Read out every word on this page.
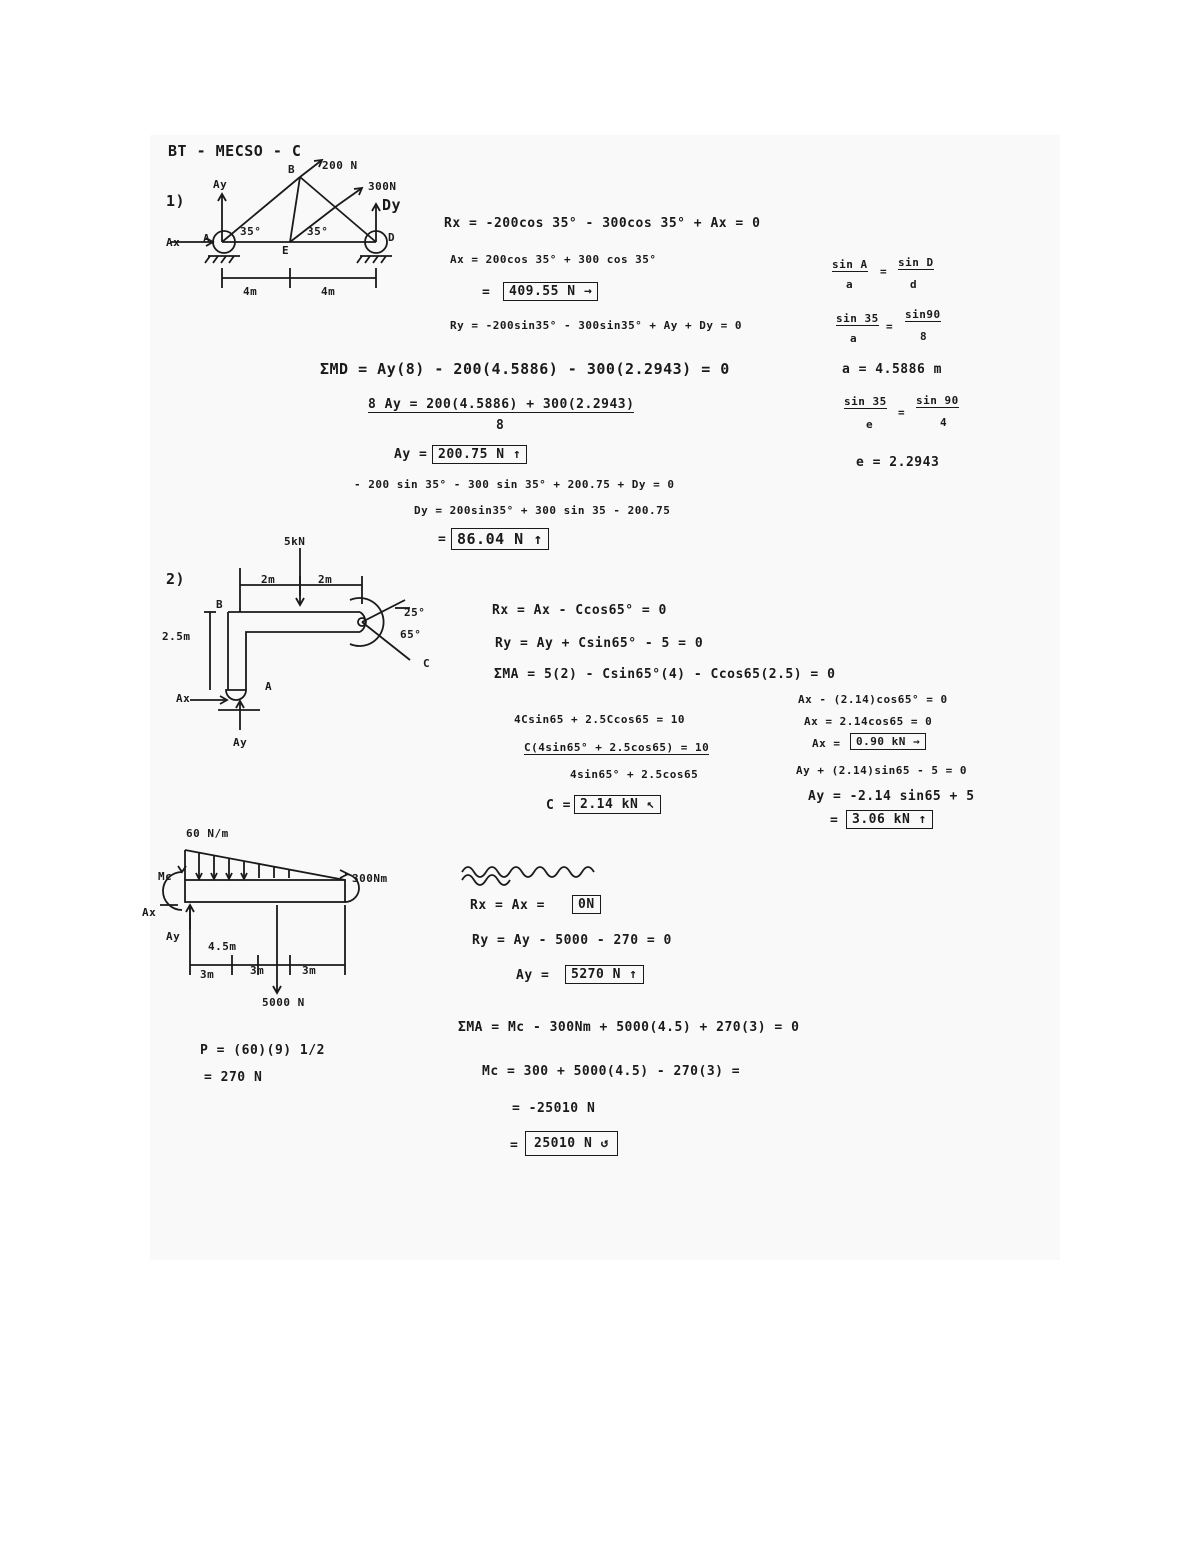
BT - MECSO - C
1)
200 N
300N
Ay
Ax
Dy
35°	35°
4m	4m
A
B
E
D
Rx = -200cos 35° - 300cos 35° + Ax = 0
Ax = 200cos 35° + 300 cos 35°
=	409.55 N →
Ry = -200sin35° - 300sin35° + Ay + Dy = 0
ΣMD = Ay(8) - 200(4.5886) - 300(2.2943) = 0
8 Ay = 200(4.5886) + 300(2.2943)
8
Ay = 200.75 N ↑
- 200 sin 35° - 300 sin 35° + 200.75 + Dy = 0
Dy = 200sin35° + 300 sin 35 - 200.75
= 86.04 N ↑
sin A
a
=
sin D
d
sin 35
a
=
sin90
8
a = 4.5886 m
sin 35
e
=
sin 90
4
e = 2.2943
2)
5kN
2m	2m
2.5m
25°
65°
B
A
C
Ax
Ay
Rx = Ax - Ccos65° = 0
Ry = Ay + Csin65° - 5 = 0
ΣMA = 5(2) - Csin65°(4) - Ccos65(2.5) = 0
4Csin65 + 2.5Ccos65 = 10
C(4sin65° + 2.5cos65) = 10
4sin65° + 2.5cos65
C = 2.14 kN ↖
Ax - (2.14)cos65° = 0
Ax = 2.14cos65 = 0
Ax =	0.90 kN →
Ay + (2.14)sin65 - 5 = 0
Ay = -2.14 sin65 + 5
=	3.06 kN ↑
60 N/m
300Nm
Mc
Ax
Ay
4.5m
3m	3m	3m
5000 N
P = (60)(9) 1/2
= 270 N
Rx = Ax =	0N
Ry = Ay - 5000 - 270 = 0
Ay =	5270 N ↑
ΣMA = Mc - 300Nm + 5000(4.5) + 270(3) = 0
Mc = 300 + 5000(4.5) - 270(3) =
= -25010 N
=	25010 N ↺
